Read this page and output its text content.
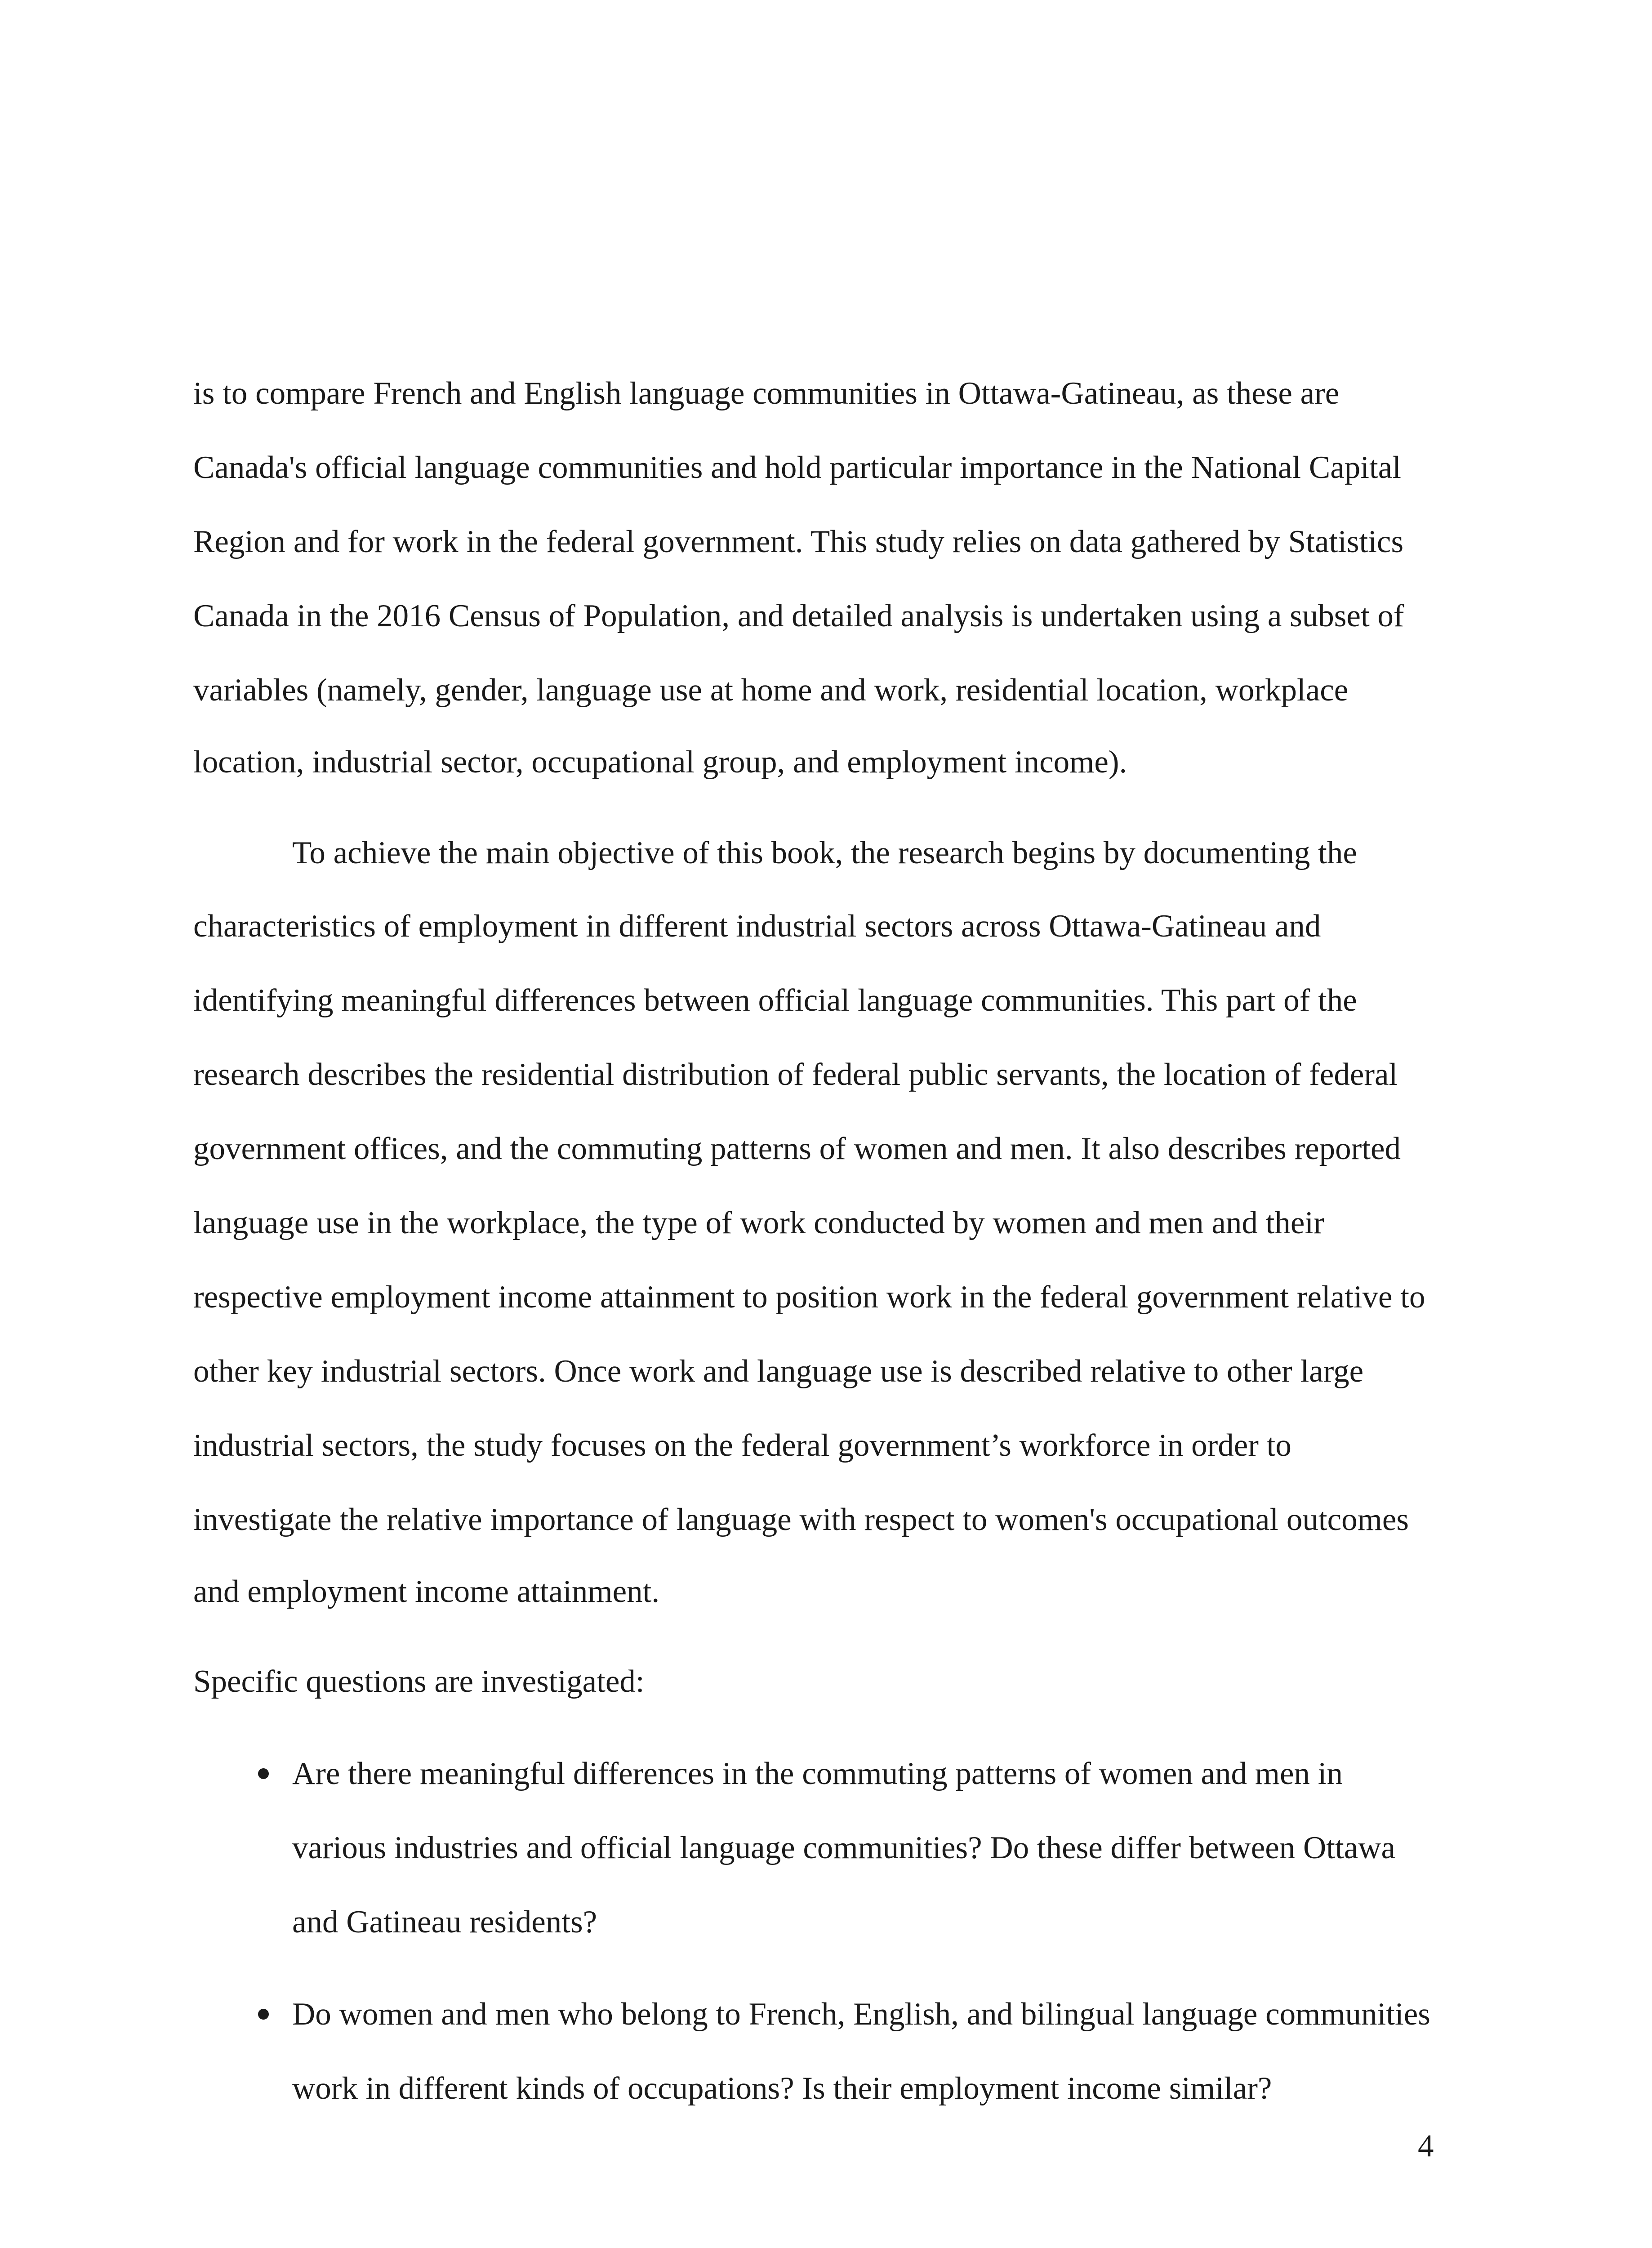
is to compare French and English language communities in Ottawa-Gatineau, as these are
Canada's official language communities and hold particular importance in the National Capital
Region and for work in the federal government. This study relies on data gathered by Statistics
Canada in the 2016 Census of Population, and detailed analysis is undertaken using a subset of
variables (namely, gender, language use at home and work, residential location, workplace
location, industrial sector, occupational group, and employment income).
To achieve the main objective of this book, the research begins by documenting the
characteristics of employment in different industrial sectors across Ottawa-Gatineau and
identifying meaningful differences between official language communities. This part of the
research describes the residential distribution of federal public servants, the location of federal
government offices, and the commuting patterns of women and men. It also describes reported
language use in the workplace, the type of work conducted by women and men and their
respective employment income attainment to position work in the federal government relative to
other key industrial sectors. Once work and language use is described relative to other large
industrial sectors, the study focuses on the federal government’s workforce in order to
investigate the relative importance of language with respect to women's occupational outcomes
and employment income attainment.
Specific questions are investigated:
Are there meaningful differences in the commuting patterns of women and men in
various industries and official language communities? Do these differ between Ottawa
and Gatineau residents?
Do women and men who belong to French, English, and bilingual language communities
work in different kinds of occupations? Is their employment income similar?
4
